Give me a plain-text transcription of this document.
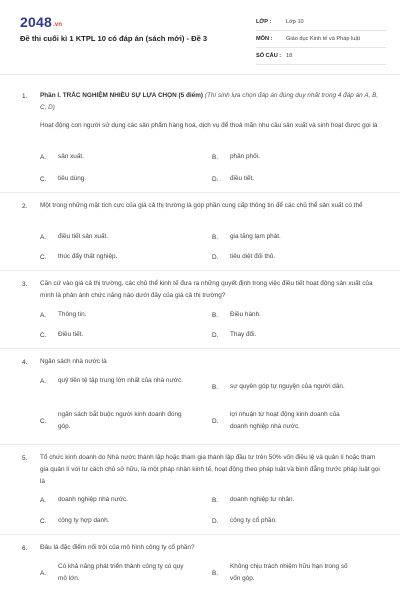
2048.vn
Đề thi cuối kì 1 KTPL 10 có đáp án (sách mới) - Đề 3
LỚP :	Lớp 10
MÔN :	Giáo dục Kinh tế và Pháp luật
SỐ CÂU : 18
1. Phần I. TRẮC NGHIỆM NHIỀU SỰ LỰA CHỌN (5 điểm) (Thí sinh lựa chọn đáp án đúng duy nhất trong 4 đáp án A, B, C, D)
Hoạt động con người sử dụng các sản phẩm hàng hoá, dịch vụ để thoả mãn nhu cầu sản xuất và sinh hoạt được gọi là
A.	sản xuất.	B.	phân phối.
C.	tiêu dùng.	D.	điều tiết.
2. Một trong những mặt tích cực của giá cả thị trường là góp phần cung cấp thông tin để các chủ thể sản xuất có thể
A.	điều tiết sản xuất.	B.	gia tăng lạm phát.
C.	thúc đẩy thất nghiệp.	D.	tiêu diệt đối thủ.
3. Căn cứ vào giá cả thị trường, các chủ thể kinh tế đưa ra những quyết định trong việc điều tiết hoạt động sản xuất của mình là phản ánh chức năng nào dưới đây của giá cả thị trường?
A.	Thông tin.	B.	Điều hành.
C.	Điều tiết.	D.	Thay đổi.
4. Ngân sách nhà nước là
A.	quỹ tiền tệ tập trung lớn nhất của nhà nước.
B.	sự quyên góp tự nguyện của người dân.
C.
ngân sách bắt buộc người kinh doanh đóng góp.
D.
lợi nhuận từ hoạt động kinh doanh của doanh nghiệp nhà nước.
5. Tổ chức kinh doanh do Nhà nước thành lập hoặc tham gia thành lập đầu tư trên 50% vốn điều lệ và quản lí hoặc tham gia quản lí với tư cách chủ sở hữu, là một pháp nhân kinh tế, hoạt động theo pháp luật và bình đẳng trước pháp luật gọi là
A.	doanh nghiệp nhà nước.	B.	doanh nghiệp tư nhân.
C.	công ty hợp danh.	D.	công ty cổ phần.
6. Đâu là đặc điểm nổi trội của mô hình công ty cổ phần?
A.
Có khả năng phát triển thành công ty có quy mô lớn.
B.
Không chịu trách nhiệm hữu hạn trong số vốn góp.
